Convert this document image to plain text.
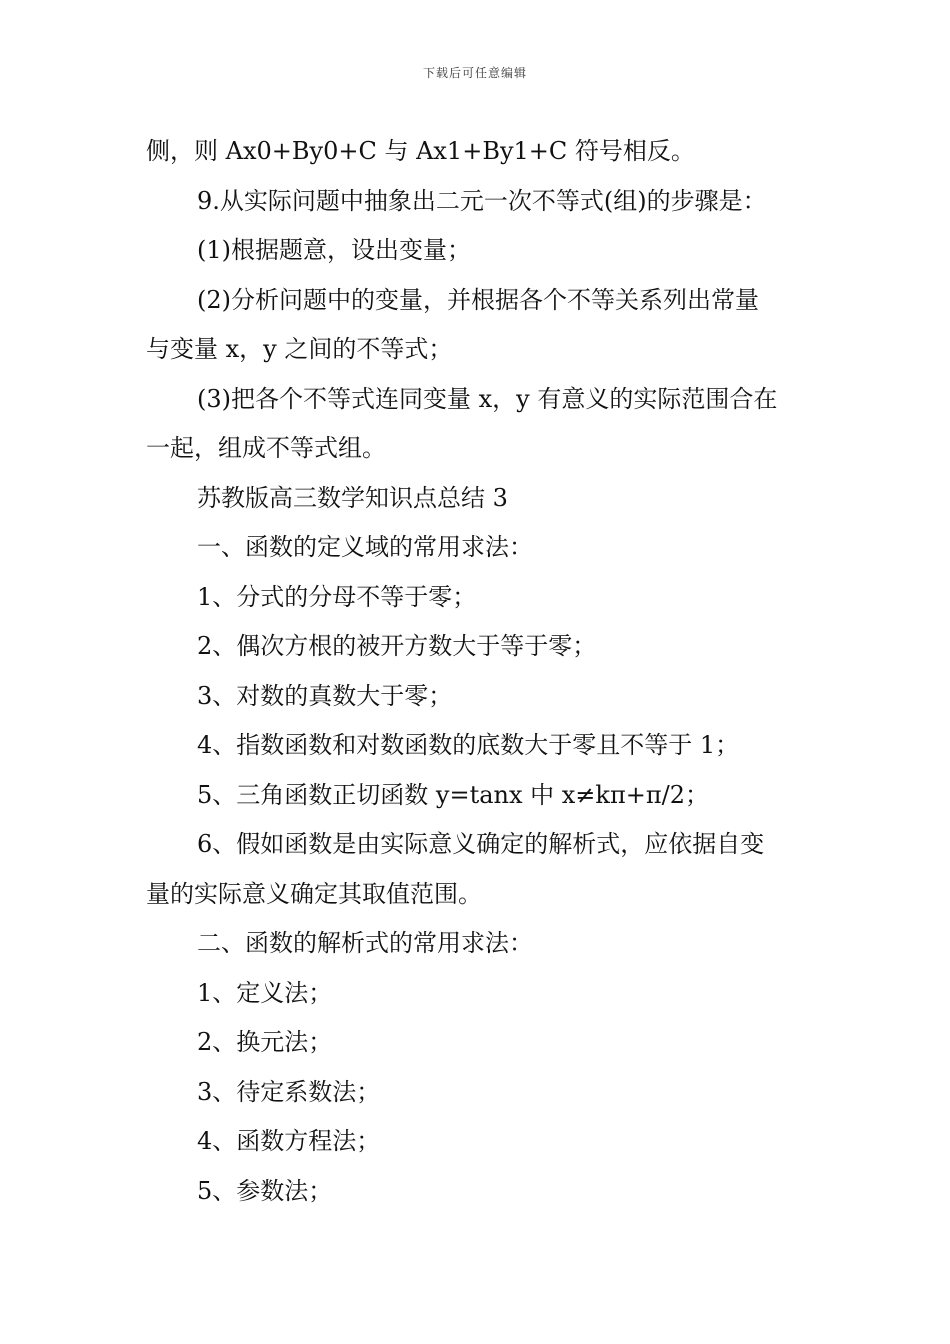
下载后可任意编辑
侧，则 Ax0+By0+C 与 Ax1+By1+C 符号相反。
9.从实际问题中抽象出二元一次不等式(组)的步骤是：
(1)根据题意，设出变量；
(2)分析问题中的变量，并根据各个不等关系列出常量
与变量 x，y 之间的不等式；
(3)把各个不等式连同变量 x，y 有意义的实际范围合在
一起，组成不等式组。
苏教版高三数学知识点总结 3
一、函数的定义域的常用求法：
1、分式的分母不等于零；
2、偶次方根的被开方数大于等于零；
3、对数的真数大于零；
4、指数函数和对数函数的底数大于零且不等于 1；
5、三角函数正切函数 y=tanx 中 x≠kπ+π/2；
6、假如函数是由实际意义确定的解析式，应依据自变
量的实际意义确定其取值范围。
二、函数的解析式的常用求法：
1、定义法；
2、换元法；
3、待定系数法；
4、函数方程法；
5、参数法；
